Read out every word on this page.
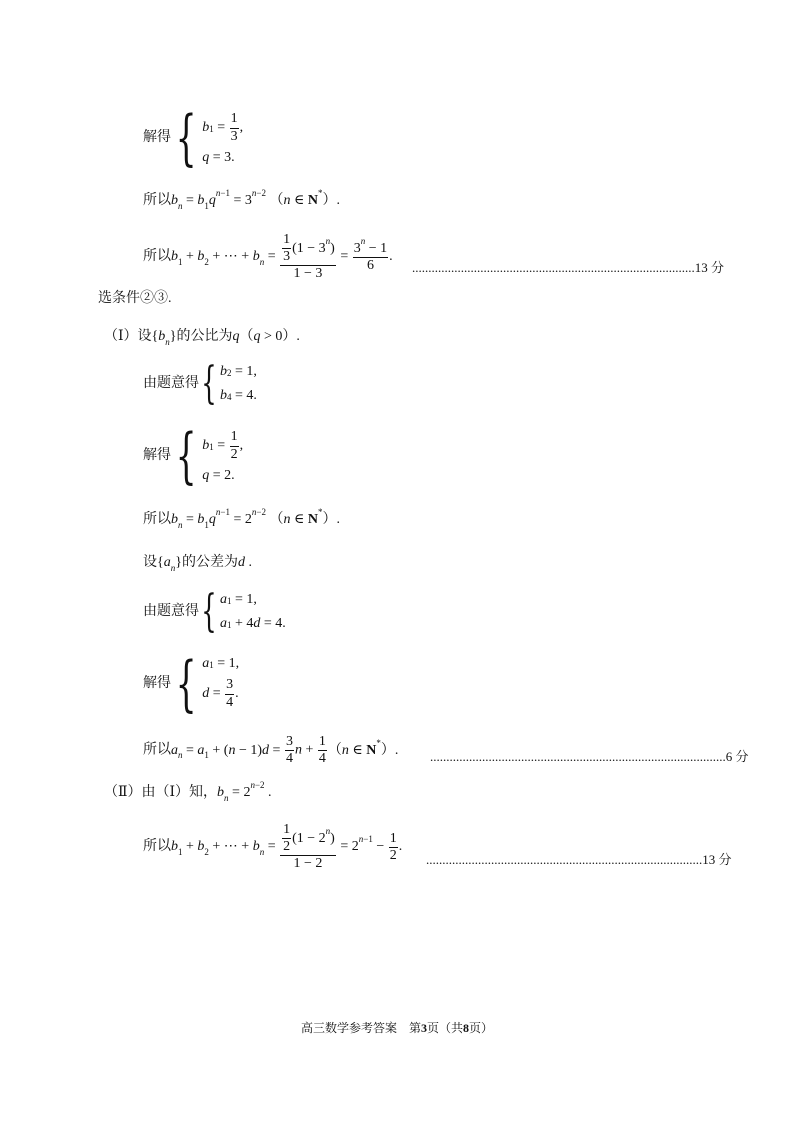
解得 { $b_1 = \frac{1}{3}$ ,
q = 3.
所以$b_n = b_1q^{n-1} = 3^{n-2}$ （n ∈ N*）.
所以$b_1 + b_2$ + ⋯ + $b_n = \frac{\frac{1}{3} (1 - 3^n)}{1 - 3} = \frac{3^n - 1}{6}$ .
.......................................................................................13 分
选条件②③.
（Ⅰ）设$\{b_n\}$的公比为q（q > 0）.
由题意得 { $b_2 = 1$,
$b_4 = 4$.
解得 { $b_1 = \frac{1}{2}$ ,
q = 2.
所以$b_n = b_1q^{n-1} = 2^{n-2}$ （n ∈ N*）.
设$\{a_n\}$的公差为d .
由题意得 { $a_1 = 1$,
$a_1 + 4$ d = 4.
解得 { $a_1 = 1$,
$d = \frac{3}{4}$ .
所以$a_n = a_1 + (n - 1)d = \frac{3}{4}$ $n + \frac{1}{4} (n$ ∈ N*）. ...........................................................................................6 分
（Ⅱ）由（Ⅰ）知，$b_n = 2^{n-2}$ .
所以$b_1 + b_2$ + ⋯ + $b_n = \frac{\frac{1}{2} (1 - 2^n)}{1 - 2} = 2^{n-1} - \frac{1}{2}$ .
.....................................................................................13 分
高三数学参考答案　第3页（共8页）
